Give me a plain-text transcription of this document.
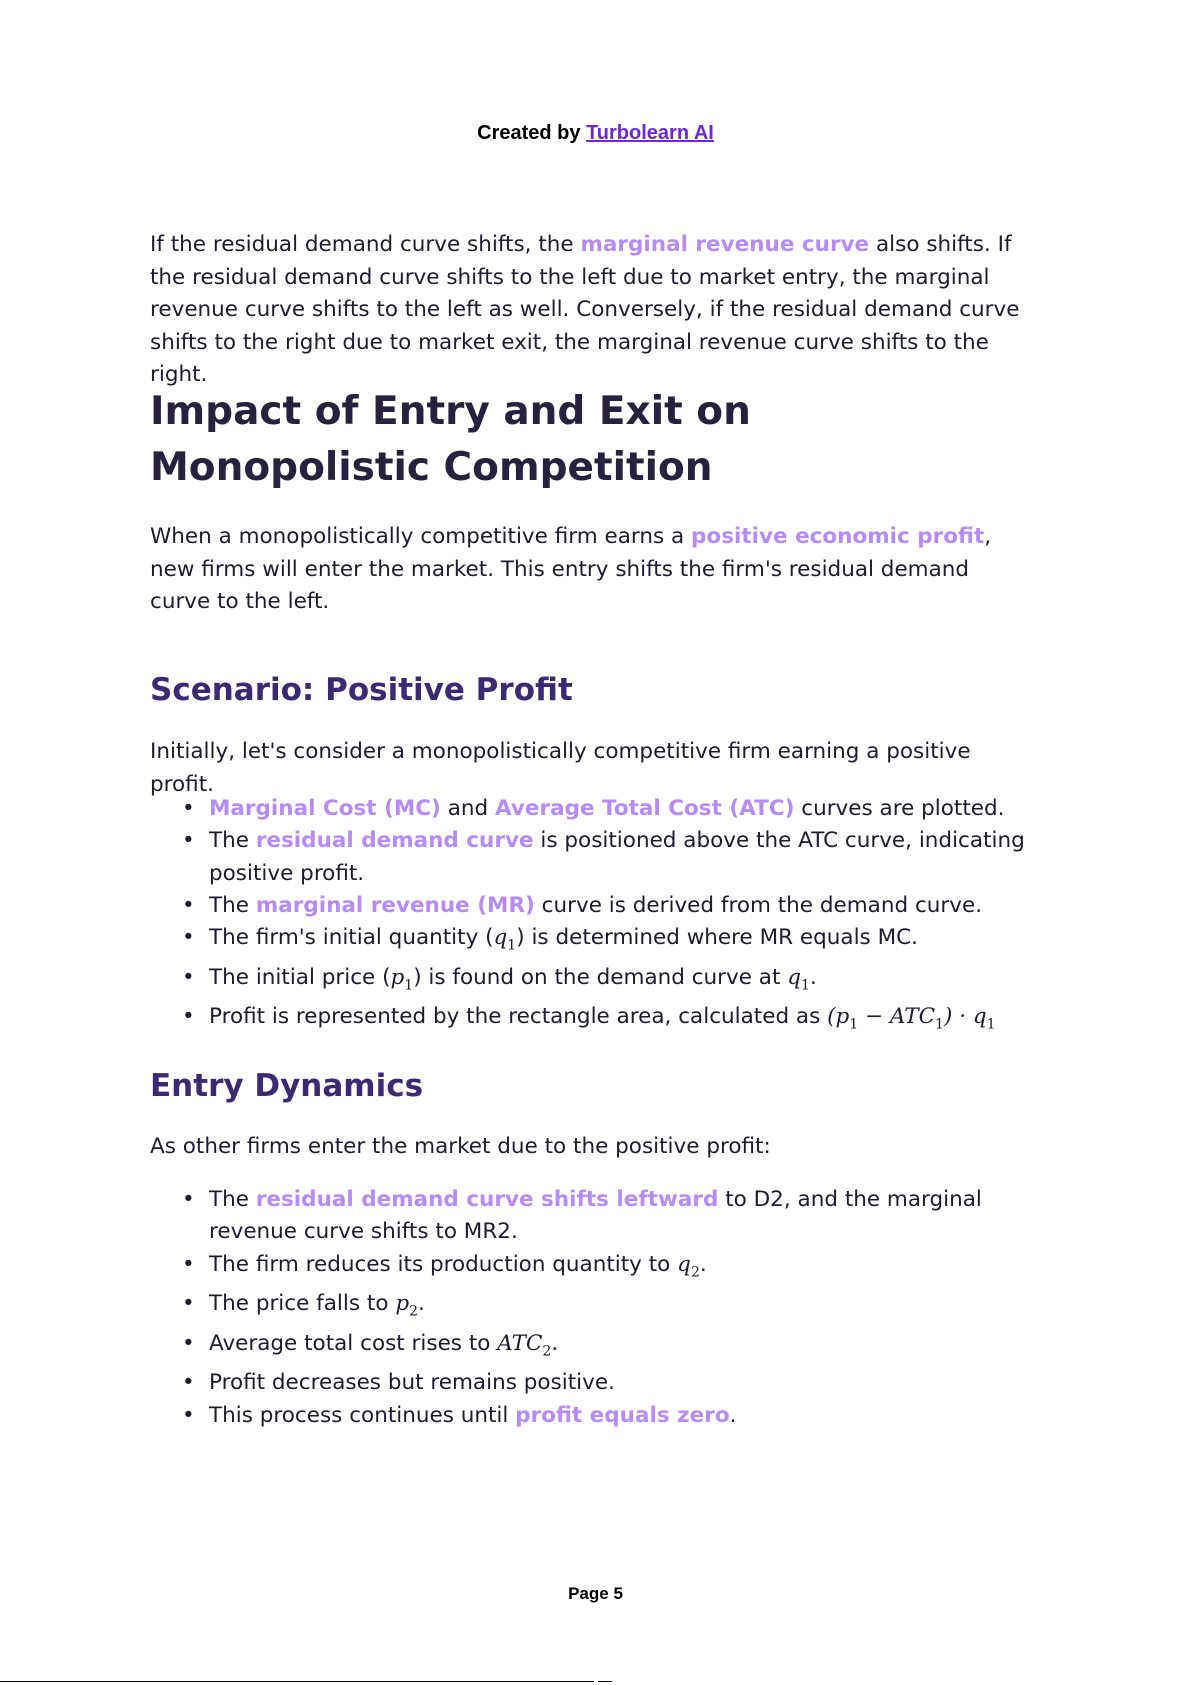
Created by Turbolearn AI

If the residual demand curve shifts, the marginal revenue curve also shifts. If the residual demand curve shifts to the left due to market entry, the marginal revenue curve shifts to the left as well. Conversely, if the residual demand curve shifts to the right due to market exit, the marginal revenue curve shifts to the right.

Impact of Entry and Exit on Monopolistic Competition

When a monopolistically competitive firm earns a positive economic profit, new firms will enter the market. This entry shifts the firm's residual demand curve to the left.

Scenario: Positive Profit

Initially, let's consider a monopolistically competitive firm earning a positive profit.

• Marginal Cost (MC) and Average Total Cost (ATC) curves are plotted.
• The residual demand curve is positioned above the ATC curve, indicating positive profit.
• The marginal revenue (MR) curve is derived from the demand curve.
• The firm's initial quantity $(q_1)$ is determined where MR equals MC.
• The initial price $(p_1)$ is found on the demand curve at $q_1$.
• Profit is represented by the rectangle area, calculated as $(p_1 - ATC_1) \cdot q_1$
Entry Dynamics

As other firms enter the market due to the positive profit:

• The residual demand curve shifts leftward to D2, and the marginal revenue curve shifts to MR2.
• The firm reduces its production quantity to $q_2$.
• The price falls to $p_2$.
• Average total cost rises to $ATC_2$.
• Profit decreases but remains positive.
• This process continues until profit equals zero.
Page 5
